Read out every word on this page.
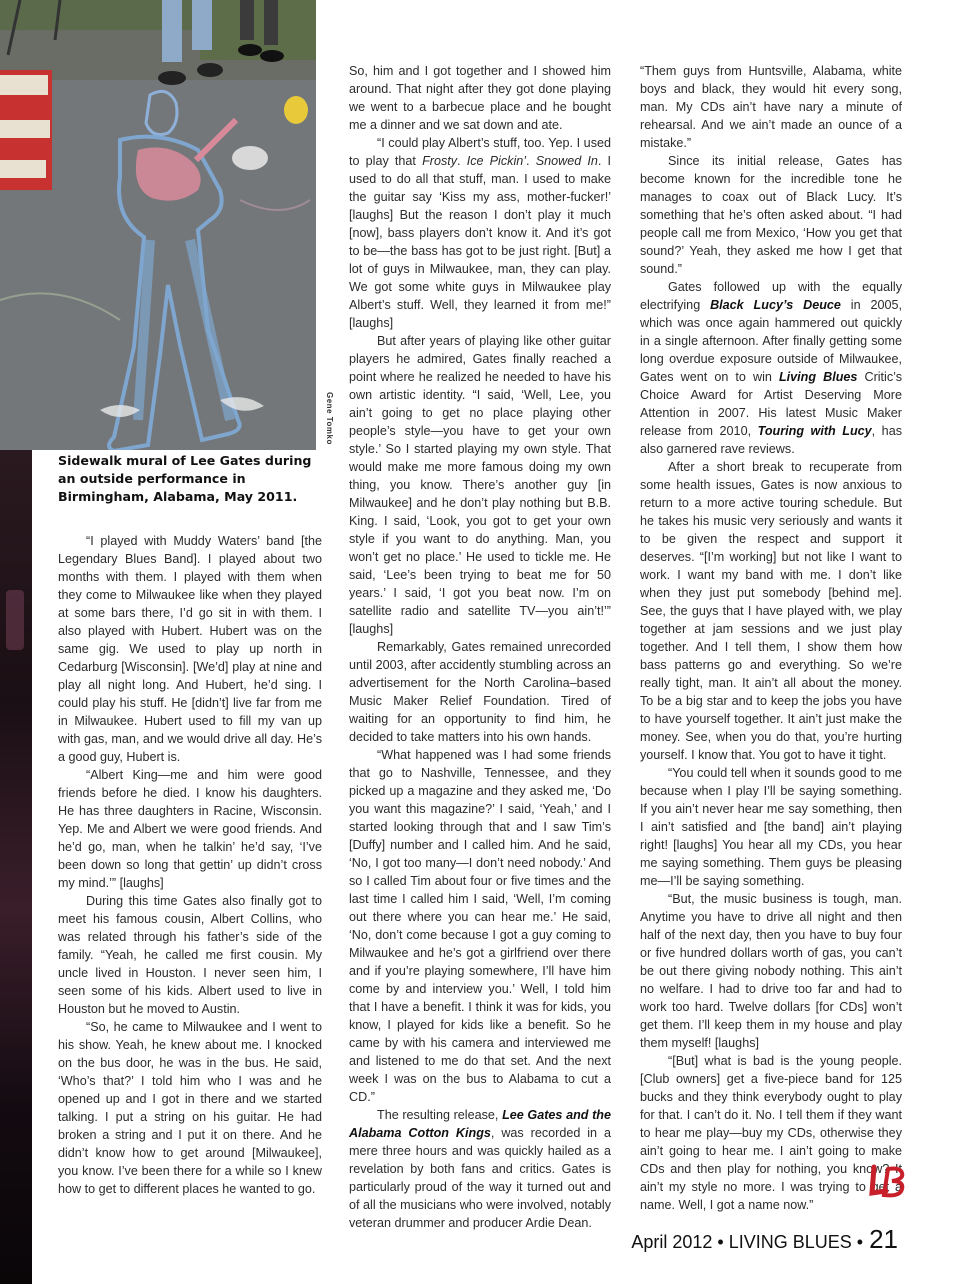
Gene Tomko
Sidewalk mural of Lee Gates during an outside performance in Birmingham, Alabama, May 2011.

“I played with Muddy Waters’ band [the Legendary Blues Band]. I played about two months with them. I played with them when they come to Milwaukee like when they played at some bars there, I’d go sit in with them. I also played with Hubert. Hubert was on the same gig. We used to play up north in Cedarburg [Wisconsin]. [We’d] play at nine and play all night long. And Hubert, he’d sing. I could play his stuff. He [didn’t] live far from me in Milwaukee. Hubert used to fill my van up with gas, man, and we would drive all day. He’s a good guy, Hubert is.

“Albert King—me and him were good friends before he died. I know his daughters. He has three daughters in Racine, Wisconsin. Yep. Me and Albert we were good friends. And he’d go, man, when he talkin’ he’d say, ‘I’ve been down so long that gettin’ up didn’t cross my mind.’” [laughs]

During this time Gates also finally got to meet his famous cousin, Albert Collins, who was related through his father’s side of the family. “Yeah, he called me first cousin. My uncle lived in Houston. I never seen him, I seen some of his kids. Albert used to live in Houston but he moved to Austin.

“So, he came to Milwaukee and I went to his show. Yeah, he knew about me. I knocked on the bus door, he was in the bus. He said, ‘Who’s that?’ I told him who I was and he opened up and I got in there and we started talking. I put a string on his guitar. He had broken a string and I put it on there. And he didn’t know how to get around [Milwaukee], you know. I’ve been there for a while so I knew how to get to different places he wanted to go.

So, him and I got together and I showed him around. That night after they got done playing we went to a barbecue place and he bought me a dinner and we sat down and ate.

“I could play Albert’s stuff, too. Yep. I used to play that Frosty. Ice Pickin’. Snowed In. I used to do all that stuff, man. I used to make the guitar say ‘Kiss my ass, mother-fucker!’ [laughs] But the reason I don’t play it much [now], bass players don’t know it. And it’s got to be—the bass has got to be just right. [But] a lot of guys in Milwaukee, man, they can play. We got some white guys in Milwaukee play Albert’s stuff. Well, they learned it from me!” [laughs]

But after years of playing like other guitar players he admired, Gates finally reached a point where he realized he needed to have his own artistic identity. “I said, ‘Well, Lee, you ain’t going to get no place playing other people’s style—you have to get your own style.’ So I started playing my own style. That would make me more famous doing my own thing, you know. There’s another guy [in Milwaukee] and he don’t play nothing but B.B. King. I said, ‘Look, you got to get your own style if you want to do anything. Man, you won’t get no place.’ He used to tickle me. He said, ‘Lee’s been trying to beat me for 50 years.’ I said, ‘I got you beat now. I’m on satellite radio and satellite TV—you ain’t!’” [laughs]

Remarkably, Gates remained unrecorded until 2003, after accidently stumbling across an advertisement for the North Carolina–based Music Maker Relief Foundation. Tired of waiting for an opportunity to find him, he decided to take matters into his own hands.

“What happened was I had some friends that go to Nashville, Tennessee, and they picked up a magazine and they asked me, ‘Do you want this magazine?’ I said, ‘Yeah,’ and I started looking through that and I saw Tim’s [Duffy] number and I called him. And he said, ‘No, I got too many—I don’t need nobody.’ And so I called Tim about four or five times and the last time I called him I said, ‘Well, I’m coming out there where you can hear me.’ He said, ‘No, don’t come because I got a guy coming to Milwaukee and he’s got a girlfriend over there and if you’re playing somewhere, I’ll have him come by and interview you.’ Well, I told him that I have a benefit. I think it was for kids, you know, I played for kids like a benefit. So he came by with his camera and interviewed me and listened to me do that set. And the next week I was on the bus to Alabama to cut a CD.”

The resulting release, Lee Gates and the Alabama Cotton Kings, was recorded in a mere three hours and was quickly hailed as a revelation by both fans and critics. Gates is particularly proud of the way it turned out and of all the musicians who were involved, notably veteran drummer and producer Ardie Dean.

“Them guys from Huntsville, Alabama, white boys and black, they would hit every song, man. My CDs ain’t have nary a minute of rehearsal. And we ain’t made an ounce of a mistake.”

Since its initial release, Gates has become known for the incredible tone he manages to coax out of Black Lucy. It’s something that he’s often asked about. “I had people call me from Mexico, ‘How you get that sound?’ Yeah, they asked me how I get that sound.”

Gates followed up with the equally electrifying Black Lucy’s Deuce in 2005, which was once again hammered out quickly in a single afternoon. After finally getting some long overdue exposure outside of Milwaukee, Gates went on to win Living Blues Critic’s Choice Award for Artist Deserving More Attention in 2007. His latest Music Maker release from 2010, Touring with Lucy, has also garnered rave reviews.

After a short break to recuperate from some health issues, Gates is now anxious to return to a more active touring schedule. But he takes his music very seriously and wants it to be given the respect and support it deserves. “[I’m working] but not like I want to work. I want my band with me. I don’t like when they just put somebody [behind me]. See, the guys that I have played with, we play together at jam sessions and we just play together. And I tell them, I show them how bass patterns go and everything. So we’re really tight, man. It ain’t all about the money. To be a big star and to keep the jobs you have to have yourself together. It ain’t just make the money. See, when you do that, you’re hurting yourself. I know that. You got to have it tight.

“You could tell when it sounds good to me because when I play I’ll be saying something. If you ain’t never hear me say something, then I ain’t satisfied and [the band] ain’t playing right! [laughs] You hear all my CDs, you hear me saying something. Them guys be pleasing me—I’ll be saying something.

“But, the music business is tough, man. Anytime you have to drive all night and then half of the next day, then you have to buy four or five hundred dollars worth of gas, you can’t be out there giving nobody nothing. This ain’t no welfare. I had to drive too far and had to work too hard. Twelve dollars [for CDs] won’t get them. I’ll keep them in my house and play them myself! [laughs]

“[But] what is bad is the young people. [Club owners] get a five-piece band for 125 bucks and they think everybody ought to play for that. I can’t do it. No. I tell them if they want to hear me play—buy my CDs, otherwise they ain’t going to hear me. I ain’t going to make CDs and then play for nothing, you know? It ain’t my style no more. I was trying to get a name. Well, I got a name now.”

April 2012 • LIVING BLUES • 21
